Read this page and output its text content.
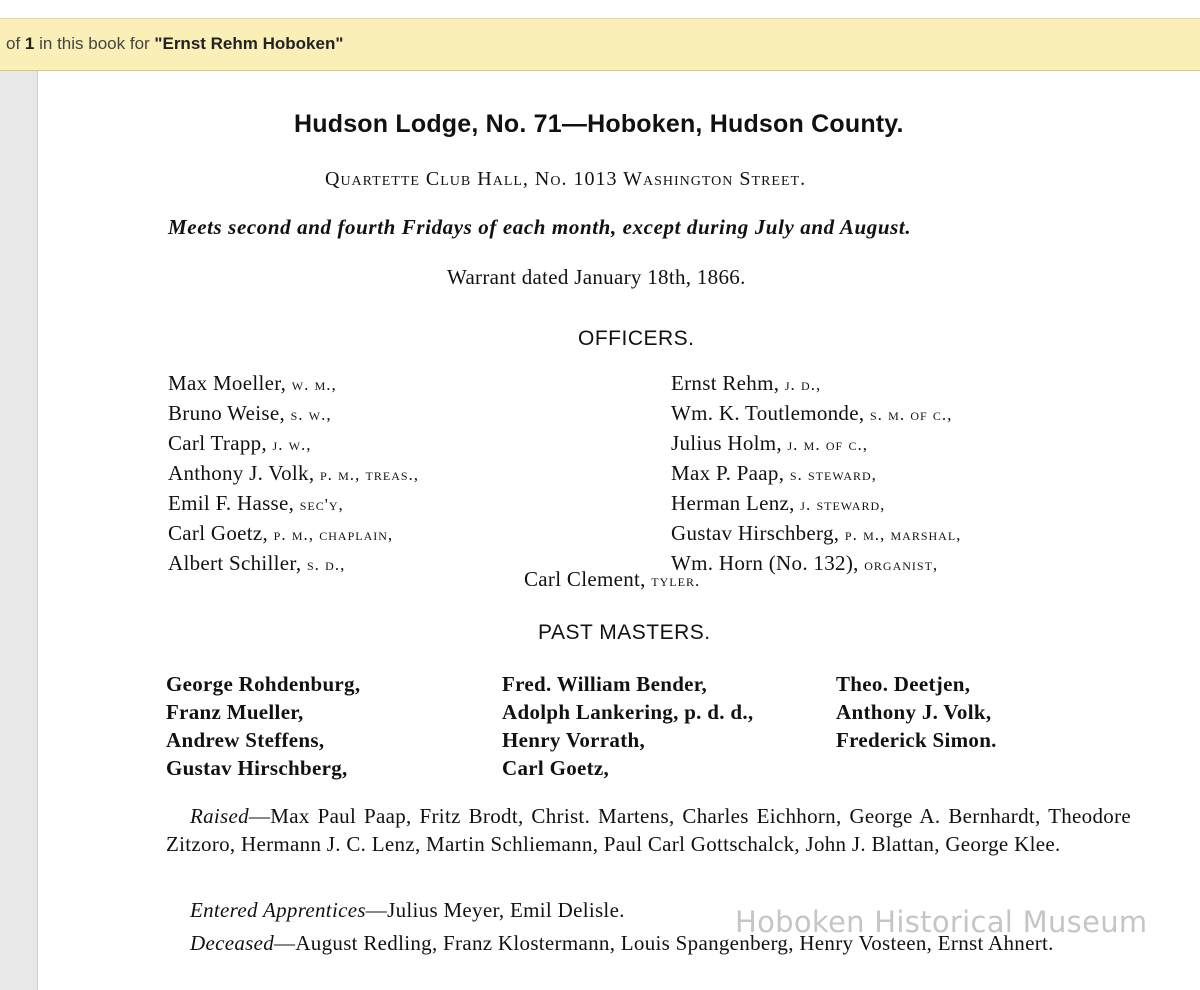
of 1 in this book for "Ernst Rehm Hoboken"
Hudson Lodge, No. 71—Hoboken, Hudson County.
Quartette Club Hall, No. 1013 Washington Street.
Meets second and fourth Fridays of each month, except during July and August.
Warrant dated January 18th, 1866.
OFFICERS.
Max Moeller, w. m.,
Bruno Weise, s. w.,
Carl Trapp, j. w.,
Anthony J. Volk, p. m., treas.,
Emil F. Hasse, sec'y,
Carl Goetz, p. m., chaplain,
Albert Schiller, s. d.,
Ernst Rehm, j. d.,
Wm. K. Toutlemonde, s. m. of c.,
Julius Holm, j. m. of c.,
Max P. Paap, s. steward,
Herman Lenz, j. steward,
Gustav Hirschberg, p. m., marshal,
Wm. Horn (No. 132), organist,
Carl Clement, tyler.
PAST MASTERS.
George Rohdenburg,
Franz Mueller,
Andrew Steffens,
Gustav Hirschberg,
Fred. William Bender,
Adolph Lankering, p. d. d.,
Henry Vorrath,
Carl Goetz,
Theo. Deetjen,
Anthony J. Volk,
Frederick Simon.
Raised—Max Paul Paap, Fritz Brodt, Christ. Martens, Charles Eichhorn, George A. Bernhardt, Theodore Zitzoro, Hermann J. C. Lenz, Martin Schliemann, Paul Carl Gottschalck, John J. Blattan, George Klee.
Entered Apprentices—Julius Meyer, Emil Delisle.
Deceased—August Redling, Franz Klostermann, Louis Spangenberg, Henry Vosteen, Ernst Ahnert.
Hoboken Historical Museum
